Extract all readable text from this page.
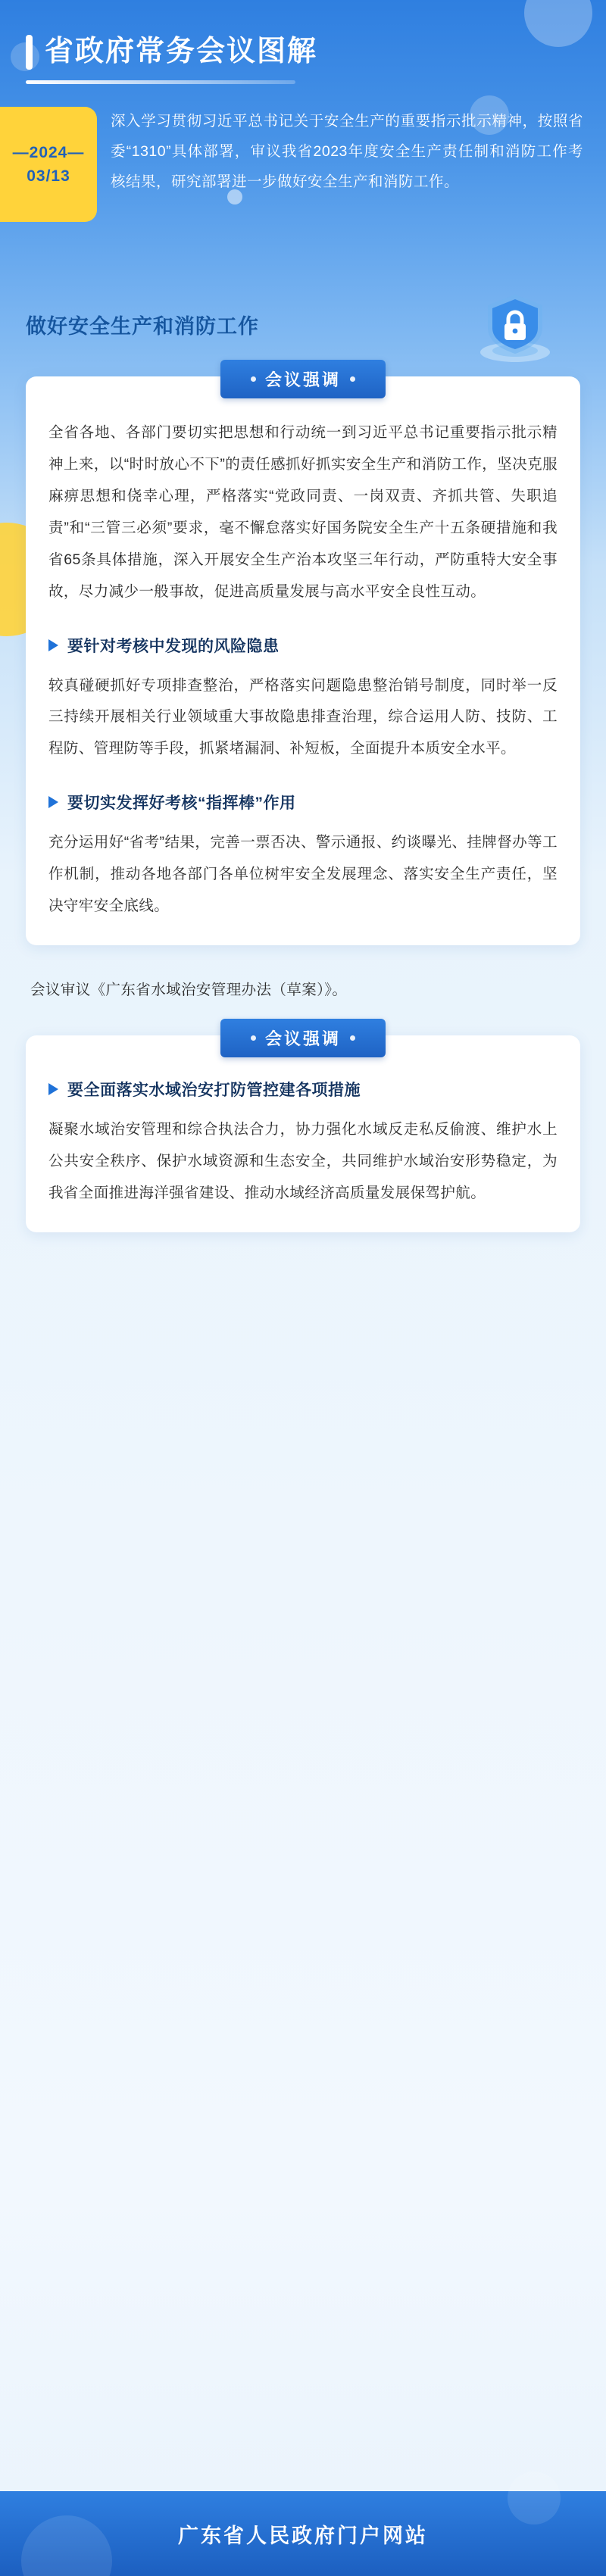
省政府常务会议图解
—2024—
03/13
深入学习贯彻习近平总书记关于安全生产的重要指示批示精神，按照省委“1310”具体部署，审议我省2023年度安全生产责任制和消防工作考核结果，研究部署进一步做好安全生产和消防工作。
做好安全生产和消防工作
会议强调

全省各地、各部门要切实把思想和行动统一到习近平总书记重要指示批示精神上来，以“时时放心不下”的责任感抓好抓实安全生产和消防工作，坚决克服麻痹思想和侥幸心理，严格落实“党政同责、一岗双责、齐抓共管、失职追责”和“三管三必须”要求，毫不懈怠落实好国务院安全生产十五条硬措施和我省65条具体措施，深入开展安全生产治本攻坚三年行动，严防重特大安全事故，尽力减少一般事故，促进高质量发展与高水平安全良性互动。

要针对考核中发现的风险隐患

较真碰硬抓好专项排查整治，严格落实问题隐患整治销号制度，同时举一反三持续开展相关行业领域重大事故隐患排查治理，综合运用人防、技防、工程防、管理防等手段，抓紧堵漏洞、补短板，全面提升本质安全水平。

要切实发挥好考核“指挥棒”作用

充分运用好“省考”结果，完善一票否决、警示通报、约谈曝光、挂牌督办等工作机制，推动各地各部门各单位树牢安全发展理念、落实安全生产责任，坚决守牢安全底线。

会议审议《广东省水域治安管理办法（草案）》。
会议强调
要全面落实水域治安打防管控建各项措施

凝聚水域治安管理和综合执法合力，协力强化水域反走私反偷渡、维护水上公共安全秩序、保护水域资源和生态安全，共同维护水域治安形势稳定，为我省全面推进海洋强省建设、推动水域经济高质量发展保驾护航。

广东省人民政府门户网站
